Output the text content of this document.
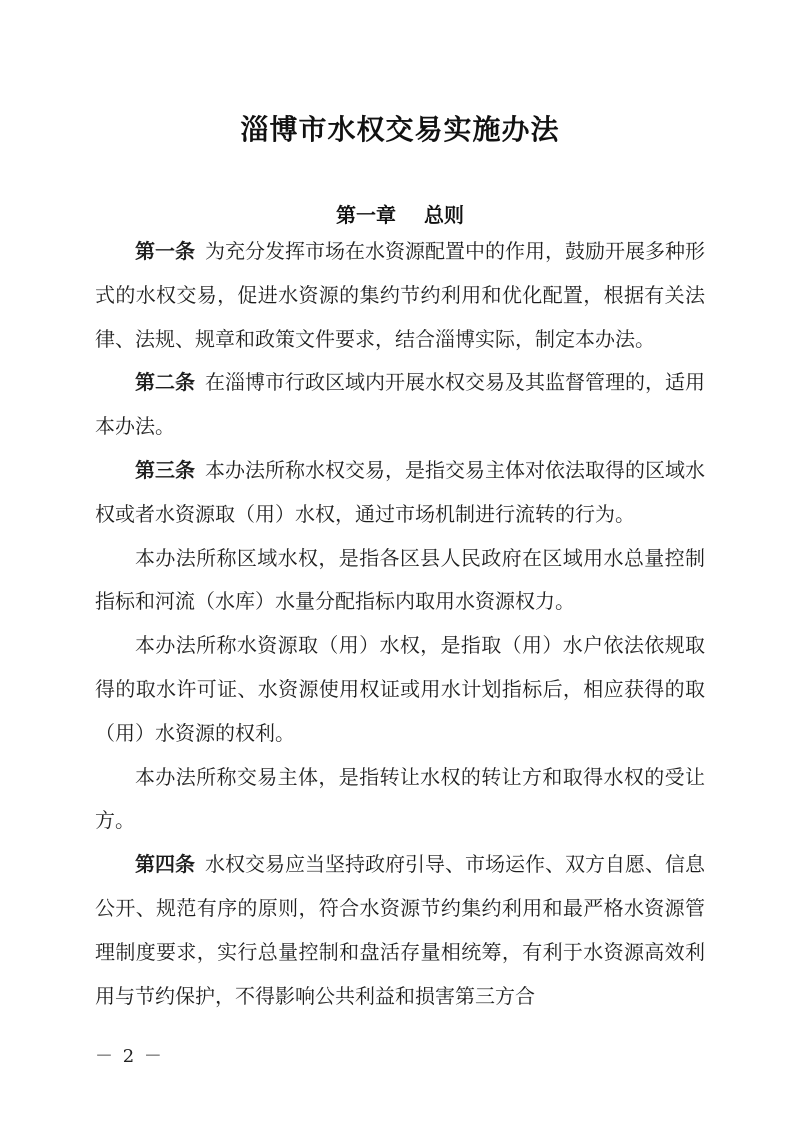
淄博市水权交易实施办法
第一章 总则

第一条 为充分发挥市场在水资源配置中的作用，鼓励开展多种形式的水权交易，促进水资源的集约节约利用和优化配置，根据有关法律、法规、规章和政策文件要求，结合淄博实际，制定本办法。

第二条 在淄博市行政区域内开展水权交易及其监督管理的，适用本办法。

第三条 本办法所称水权交易，是指交易主体对依法取得的区域水权或者水资源取（用）水权，通过市场机制进行流转的行为。

本办法所称区域水权，是指各区县人民政府在区域用水总量控制指标和河流（水库）水量分配指标内取用水资源权力。

本办法所称水资源取（用）水权，是指取（用）水户依法依规取得的取水许可证、水资源使用权证或用水计划指标后，相应获得的取（用）水资源的权利。

本办法所称交易主体，是指转让水权的转让方和取得水权的受让方。

第四条 水权交易应当坚持政府引导、市场运作、双方自愿、信息公开、规范有序的原则，符合水资源节约集约利用和最严格水资源管理制度要求，实行总量控制和盘活存量相统筹，有利于水资源高效利用与节约保护，不得影响公共利益和损害第三方合

－ 2 －
